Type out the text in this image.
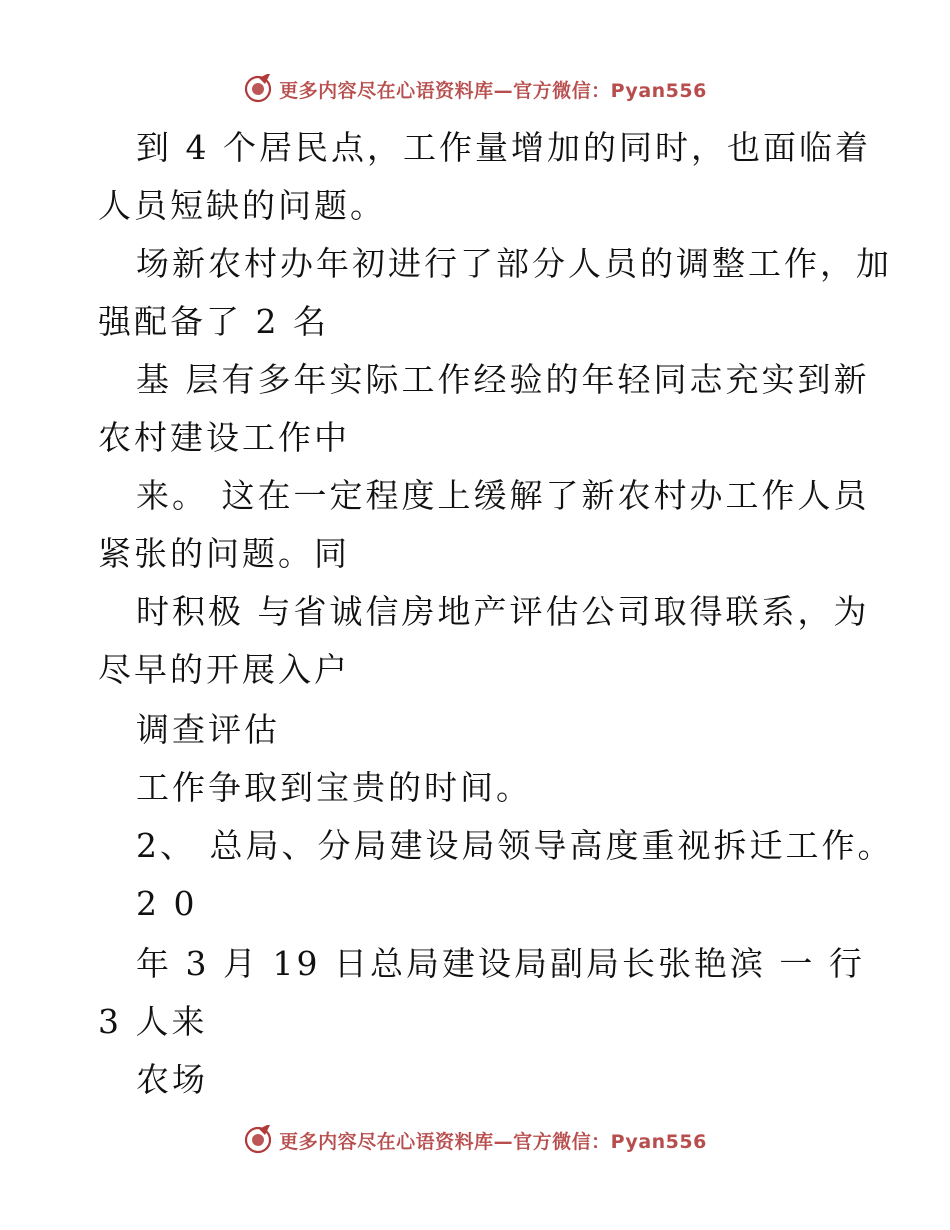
更多内容尽在心语资料库—官方微信：Pyan556
到 4 个居民点，工作量增加的同时，也面临着
人员短缺的问题。
场新农村办年初进行了部分人员的调整工作，加
强配备了 2 名
基 层有多年实际工作经验的年轻同志充实到新
农村建设工作中
来。 这在一定程度上缓解了新农村办工作人员
紧张的问题。同
时积极 与省诚信房地产评估公司取得联系，为
尽早的开展入户
调查评估
工作争取到宝贵的时间。
2、 总局、分局建设局领导高度重视拆迁工作。
2 0
年 3 月 19 日总局建设局副局长张艳滨 一 行
3 人来
农场
更多内容尽在心语资料库—官方微信：Pyan556
